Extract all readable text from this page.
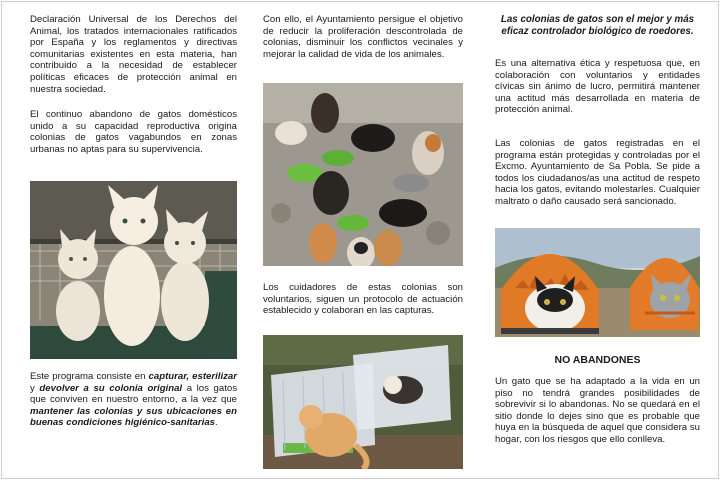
Declaración Universal de los Derechos del Animal, los tratados internacionales ratificados por España y los reglamentos y directivas comunitarias existentes en esta materia, han contribuido a la necesidad de establecer políticas eficaces de protección animal en nuestra sociedad.

El continuo abandono de gatos domésticos unido a su capacidad reproductiva origina colonias de gatos vagabundos en zonas urbanas no aptas para su supervivencia.

Este programa consiste en capturar, esterilizar y devolver a su colonia original a los gatos que conviven en nuestro entorno, a la vez que mantener las colonias y sus ubicaciones en buenas condiciones higiénico-sanitarias.

Con ello, el Ayuntamiento persigue el objetivo de reducir la proliferación descontrolada de colonias, disminuir los conflictos vecinales y mejorar la calidad de vida de los animales.

Los cuidadores de estas colonias son voluntarios, siguen un protocolo de actuación establecido y colaboran en las capturas.

Las colonias de gatos son el mejor y más eficaz controlador biológico de roedores.

Es una alternativa ética y respetuosa que, en colaboración con voluntarios y entidades cívicas sin ánimo de lucro, permitirá mantener una actitud más desarrollada en materia de protección animal.

Las colonias de gatos registradas en el programa están protegidas y controladas por el Excmo. Ayuntamiento de Sa Pobla. Se pide a todos los ciudadanos/as una actitud de respeto hacia los gatos, evitando molestarles. Cualquier maltrato o daño causado será sancionado.

NO ABANDONES

Un gato que se ha adaptado a la vida en un piso no tendrá grandes posibilidades de sobrevivir si lo abandonas. No se quedará en el sitio donde lo dejes sino que es probable que huya en la búsqueda de aquel que considera su hogar, con los riesgos que ello conlleva.
